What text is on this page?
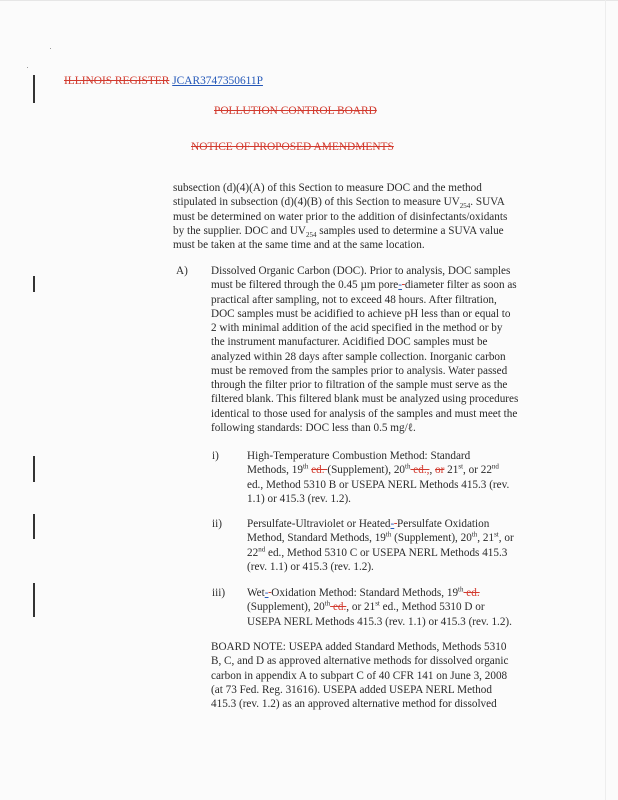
ILLINOIS REGISTER JCAR3747350611P
POLLUTION CONTROL BOARD
NOTICE OF PROPOSED AMENDMENTS

subsection (d)(4)(A) of this Section to measure DOC and the method

stipulated in subsection (d)(4)(B) of this Section to measure $UV_{254}$. SUVA

must be determined on water prior to the addition of disinfectants/oxidants

by the supplier. DOC and $UV_{254}$ samples used to determine a SUVA value

must be taken at the same time and at the same location.

A) Dissolved Organic Carbon (DOC). Prior to analysis, DOC samples

must be filtered through the 0.45 µm pore- diameter filter as soon as

practical after sampling, not to exceed 48 hours. After filtration,

DOC samples must be acidified to achieve pH less than or equal to

2 with minimal addition of the acid specified in the method or by

the instrument manufacturer. Acidified DOC samples must be

analyzed within 28 days after sample collection. Inorganic carbon

must be removed from the samples prior to analysis. Water passed

through the filter prior to filtration of the sample must serve as the

filtered blank. This filtered blank must be analyzed using procedures

identical to those used for analysis of the samples and must meet the

following standards: DOC less than 0.5 mg/ℓ.

i)	High-Temperature Combustion Method: Standard

Methods, 19th ed. (Supplement), 20th ed.,, or 21st, or 22nd

ed., Method 5310 B or USEPA NERL Methods 415.3 (rev.

1.1) or 415.3 (rev. 1.2).

ii) Persulfate-Ultraviolet or Heated- Persulfate Oxidation

Method, Standard Methods, 19th (Supplement), 20th, 21st, or

22nd ed., Method 5310 C or USEPA NERL Methods 415.3

(rev. 1.1) or 415.3 (rev. 1.2).

iii) Wet- Oxidation Method: Standard Methods, 19th ed.

(Supplement), 20th ed., or 21st ed., Method 5310 D or

USEPA NERL Methods 415.3 (rev. 1.1) or 415.3 (rev. 1.2).

BOARD NOTE: USEPA added Standard Methods, Methods 5310

B, C, and D as approved alternative methods for dissolved organic

carbon in appendix A to subpart C of 40 CFR 141 on June 3, 2008

(at 73 Fed. Reg. 31616). USEPA added USEPA NERL Method

415.3 (rev. 1.2) as an approved alternative method for dissolved
